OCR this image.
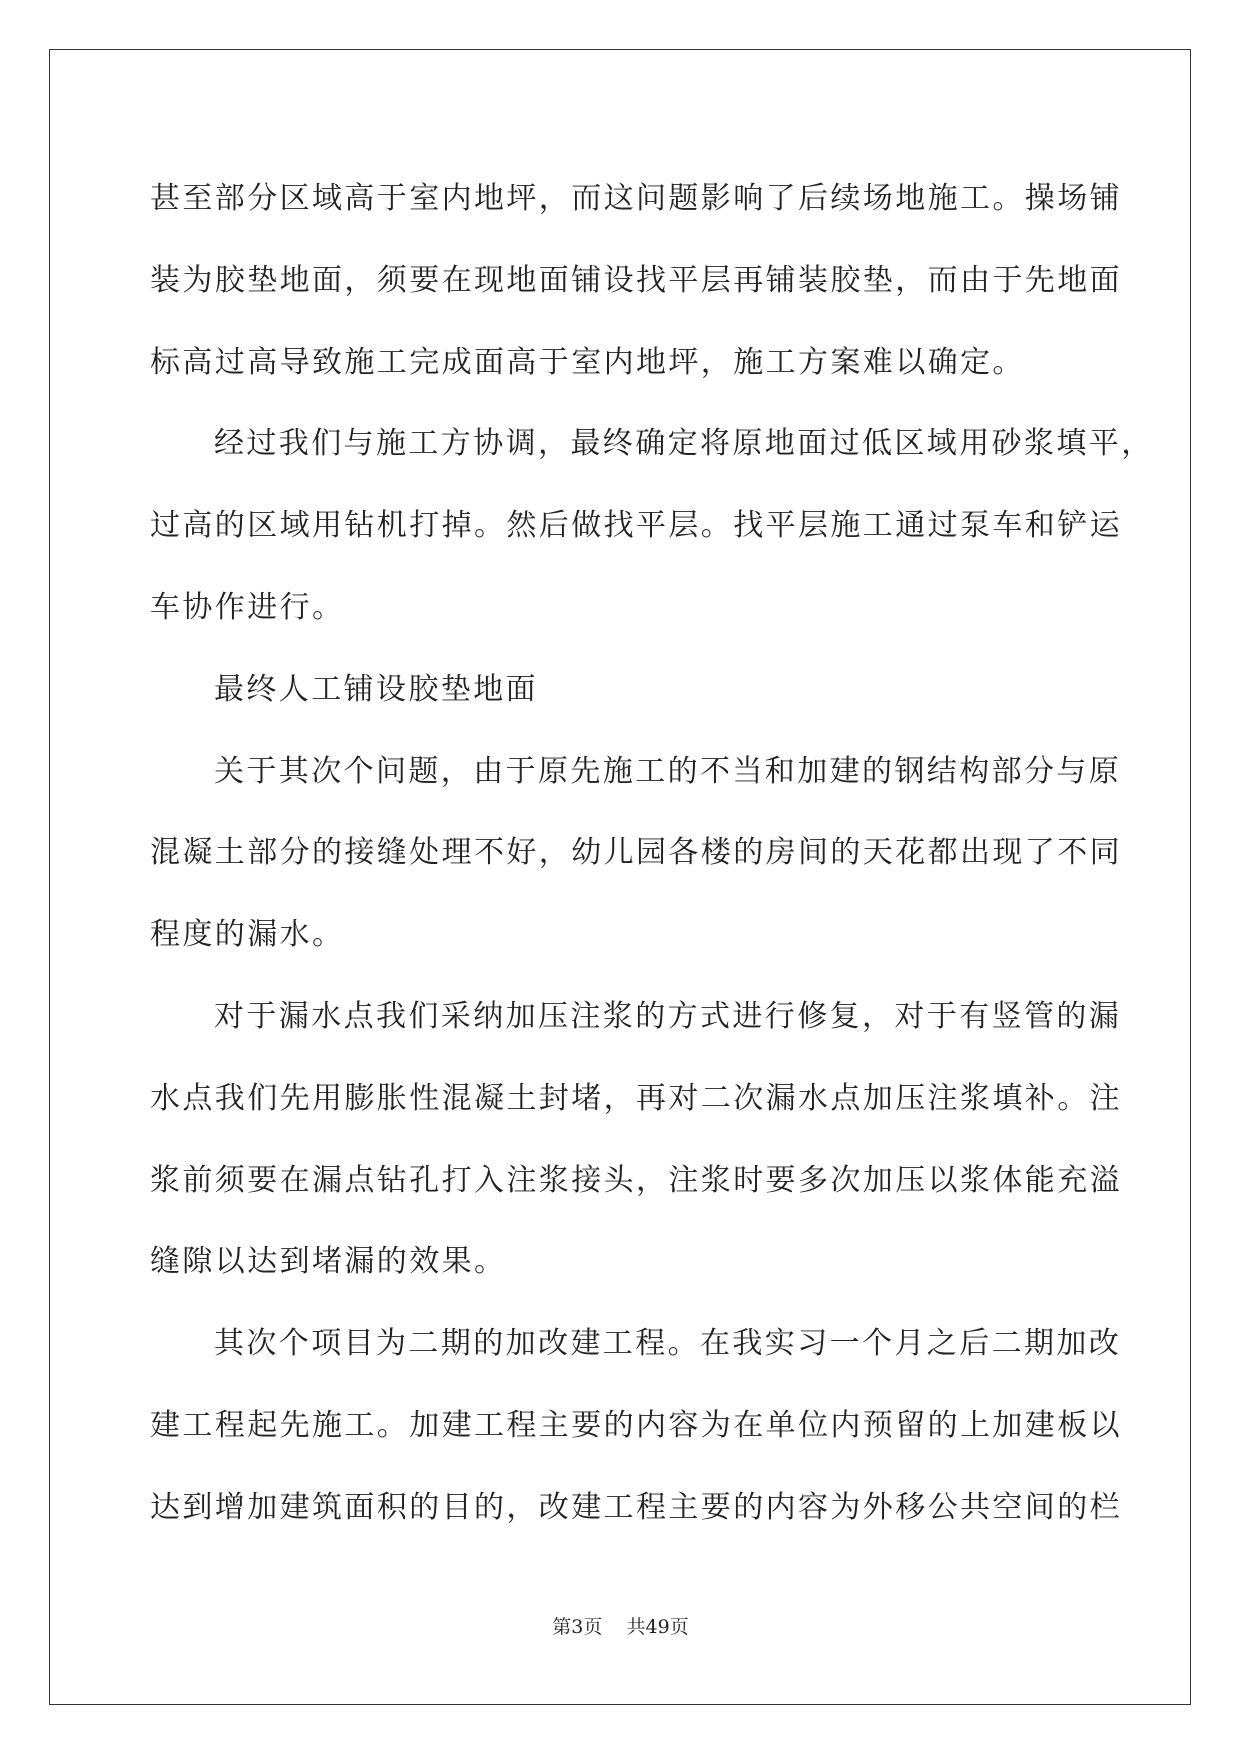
甚至部分区域高于室内地坪，而这问题影响了后续场地施工。操场铺

装为胶垫地面，须要在现地面铺设找平层再铺装胶垫，而由于先地面

标高过高导致施工完成面高于室内地坪，施工方案难以确定。

经过我们与施工方协调，最终确定将原地面过低区域用砂浆填平，

过高的区域用钻机打掉。然后做找平层。找平层施工通过泵车和铲运

车协作进行。

最终人工铺设胶垫地面

关于其次个问题，由于原先施工的不当和加建的钢结构部分与原

混凝土部分的接缝处理不好，幼儿园各楼的房间的天花都出现了不同

程度的漏水。

对于漏水点我们采纳加压注浆的方式进行修复，对于有竖管的漏

水点我们先用膨胀性混凝土封堵，再对二次漏水点加压注浆填补。注

浆前须要在漏点钻孔打入注浆接头，注浆时要多次加压以浆体能充溢

缝隙以达到堵漏的效果。

其次个项目为二期的加改建工程。在我实习一个月之后二期加改

建工程起先施工。加建工程主要的内容为在单位内预留的上加建板以

达到增加建筑面积的目的，改建工程主要的内容为外移公共空间的栏

第3页 共49页
